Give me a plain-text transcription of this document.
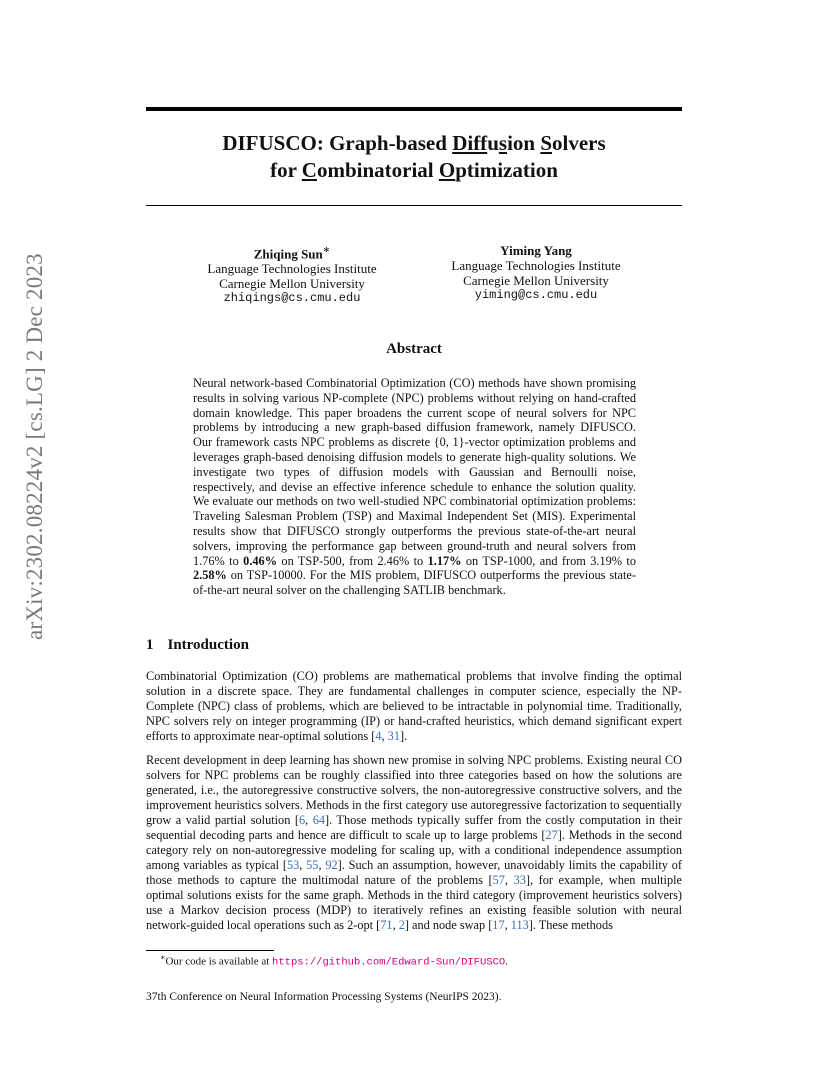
DIFUSCO: Graph-based Diffusion Solvers
for Combinatorial Optimization
arXiv:2302.08224v2 [cs.LG] 2 Dec 2023	Zhiqing Sun∗
Language Technologies Institute
Carnegie Mellon University
zhiqings@cs.cmu.edu
Yiming Yang
Language Technologies Institute
Carnegie Mellon University
yiming@cs.cmu.edu
Abstract
Neural network-based Combinatorial Optimization (CO) methods have shown promising results in solving various NP-complete (NPC) problems without relying on hand-crafted domain knowledge. This paper broadens the current scope of neural solvers for NPC problems by introducing a new graph-based diffusion framework, namely DIFUSCO. Our framework casts NPC problems as discrete {0, 1}-vector optimization problems and leverages graph-based denoising diffusion models to generate high-quality solutions. We investigate two types of diffusion models with Gaussian and Bernoulli noise, respectively, and devise an effective inference schedule to enhance the solution quality. We evaluate our methods on two well-studied NPC combinatorial optimization problems: Traveling Salesman Problem (TSP) and Maximal Independent Set (MIS). Experimental results show that DIFUSCO strongly outperforms the previous state-of-the-art neural solvers, improving the performance gap between ground-truth and neural solvers from 1.76% to 0.46% on TSP-500, from 2.46% to 1.17% on TSP-1000, and from 3.19% to 2.58% on TSP-10000. For the MIS problem, DIFUSCO outperforms the previous state-of-the-art neural solver on the challenging SATLIB benchmark.
1 Introduction
Combinatorial Optimization (CO) problems are mathematical problems that involve finding the optimal solution in a discrete space. They are fundamental challenges in computer science, especially the NP-Complete (NPC) class of problems, which are believed to be intractable in polynomial time. Traditionally, NPC solvers rely on integer programming (IP) or hand-crafted heuristics, which demand significant expert efforts to approximate near-optimal solutions [4, 31].
Recent development in deep learning has shown new promise in solving NPC problems. Existing neural CO solvers for NPC problems can be roughly classified into three categories based on how the solutions are generated, i.e., the autoregressive constructive solvers, the non-autoregressive constructive solvers, and the improvement heuristics solvers. Methods in the first category use autoregressive factorization to sequentially grow a valid partial solution [6, 64]. Those methods typically suffer from the costly computation in their sequential decoding parts and hence are difficult to scale up to large problems [27]. Methods in the second category rely on non-autoregressive modeling for scaling up, with a conditional independence assumption among variables as typical [53, 55, 92]. Such an assumption, however, unavoidably limits the capability of those methods to capture the multimodal nature of the problems [57, 33], for example, when multiple optimal solutions exists for the same graph. Methods in the third category (improvement heuristics solvers) use a Markov decision process (MDP) to iteratively refines an existing feasible solution with neural network-guided local operations such as 2-opt [71, 2] and node swap [17, 113]. These methods
∗Our code is available at https://github.com/Edward-Sun/DIFUSCO.
37th Conference on Neural Information Processing Systems (NeurIPS 2023).
